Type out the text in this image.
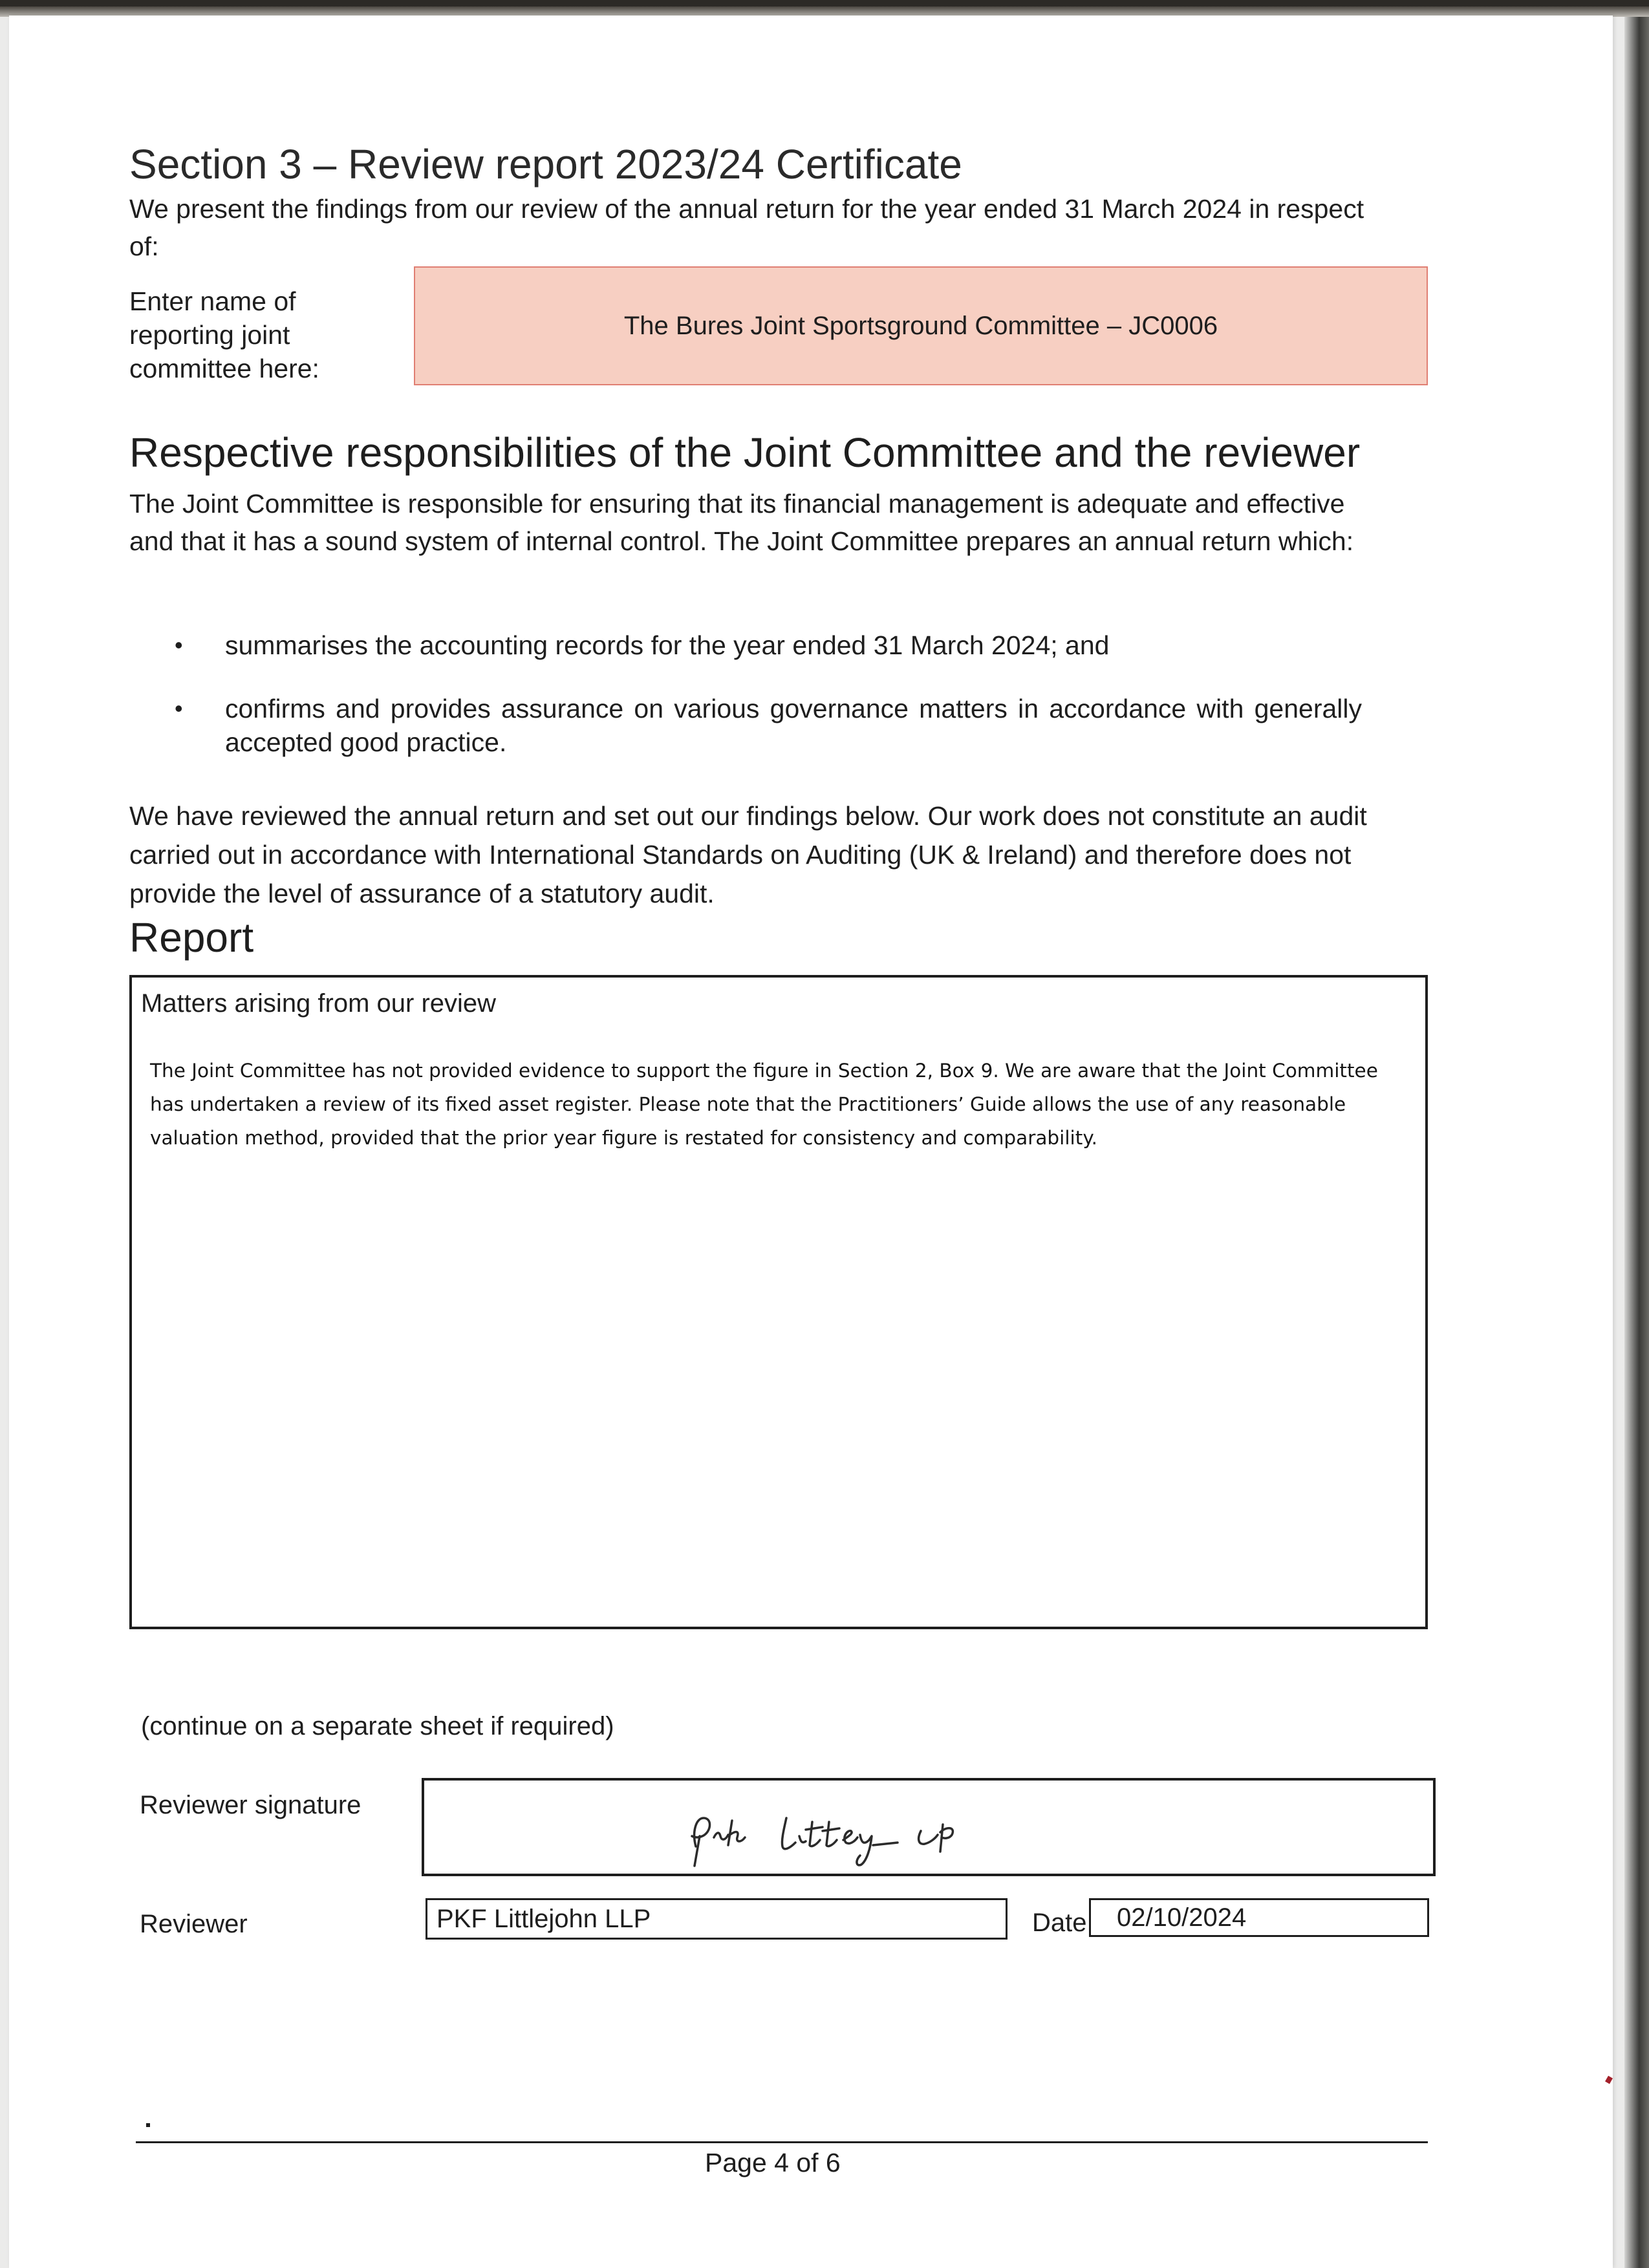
Section 3 – Review report 2023/24 Certificate
We present the findings from our review of the annual return for the year ended 31 March 2024 in respect of:
Enter name of reporting joint committee here:
The Bures Joint Sportsground Committee – JC0006
Respective responsibilities of the Joint Committee and the reviewer
The Joint Committee is responsible for ensuring that its financial management is adequate and effective and that it has a sound system of internal control. The Joint Committee prepares an annual return which:
• summarises the accounting records for the year ended 31 March 2024; and
• confirms and provides assurance on various governance matters in accordance with generally accepted good practice.
We have reviewed the annual return and set out our findings below. Our work does not constitute an audit carried out in accordance with International Standards on Auditing (UK & Ireland) and therefore does not provide the level of assurance of a statutory audit.
Report
Matters arising from our review
The Joint Committee has not provided evidence to support the figure in Section 2, Box 9. We are aware that the Joint Committee has undertaken a review of its fixed asset register. Please note that the Practitioners’ Guide allows the use of any reasonable valuation method, provided that the prior year figure is restated for consistency and comparability.
(continue on a separate sheet if required)
Reviewer signature
Reviewer	PKF Littlejohn LLP	Date	02/10/2024
Page 4 of 6
